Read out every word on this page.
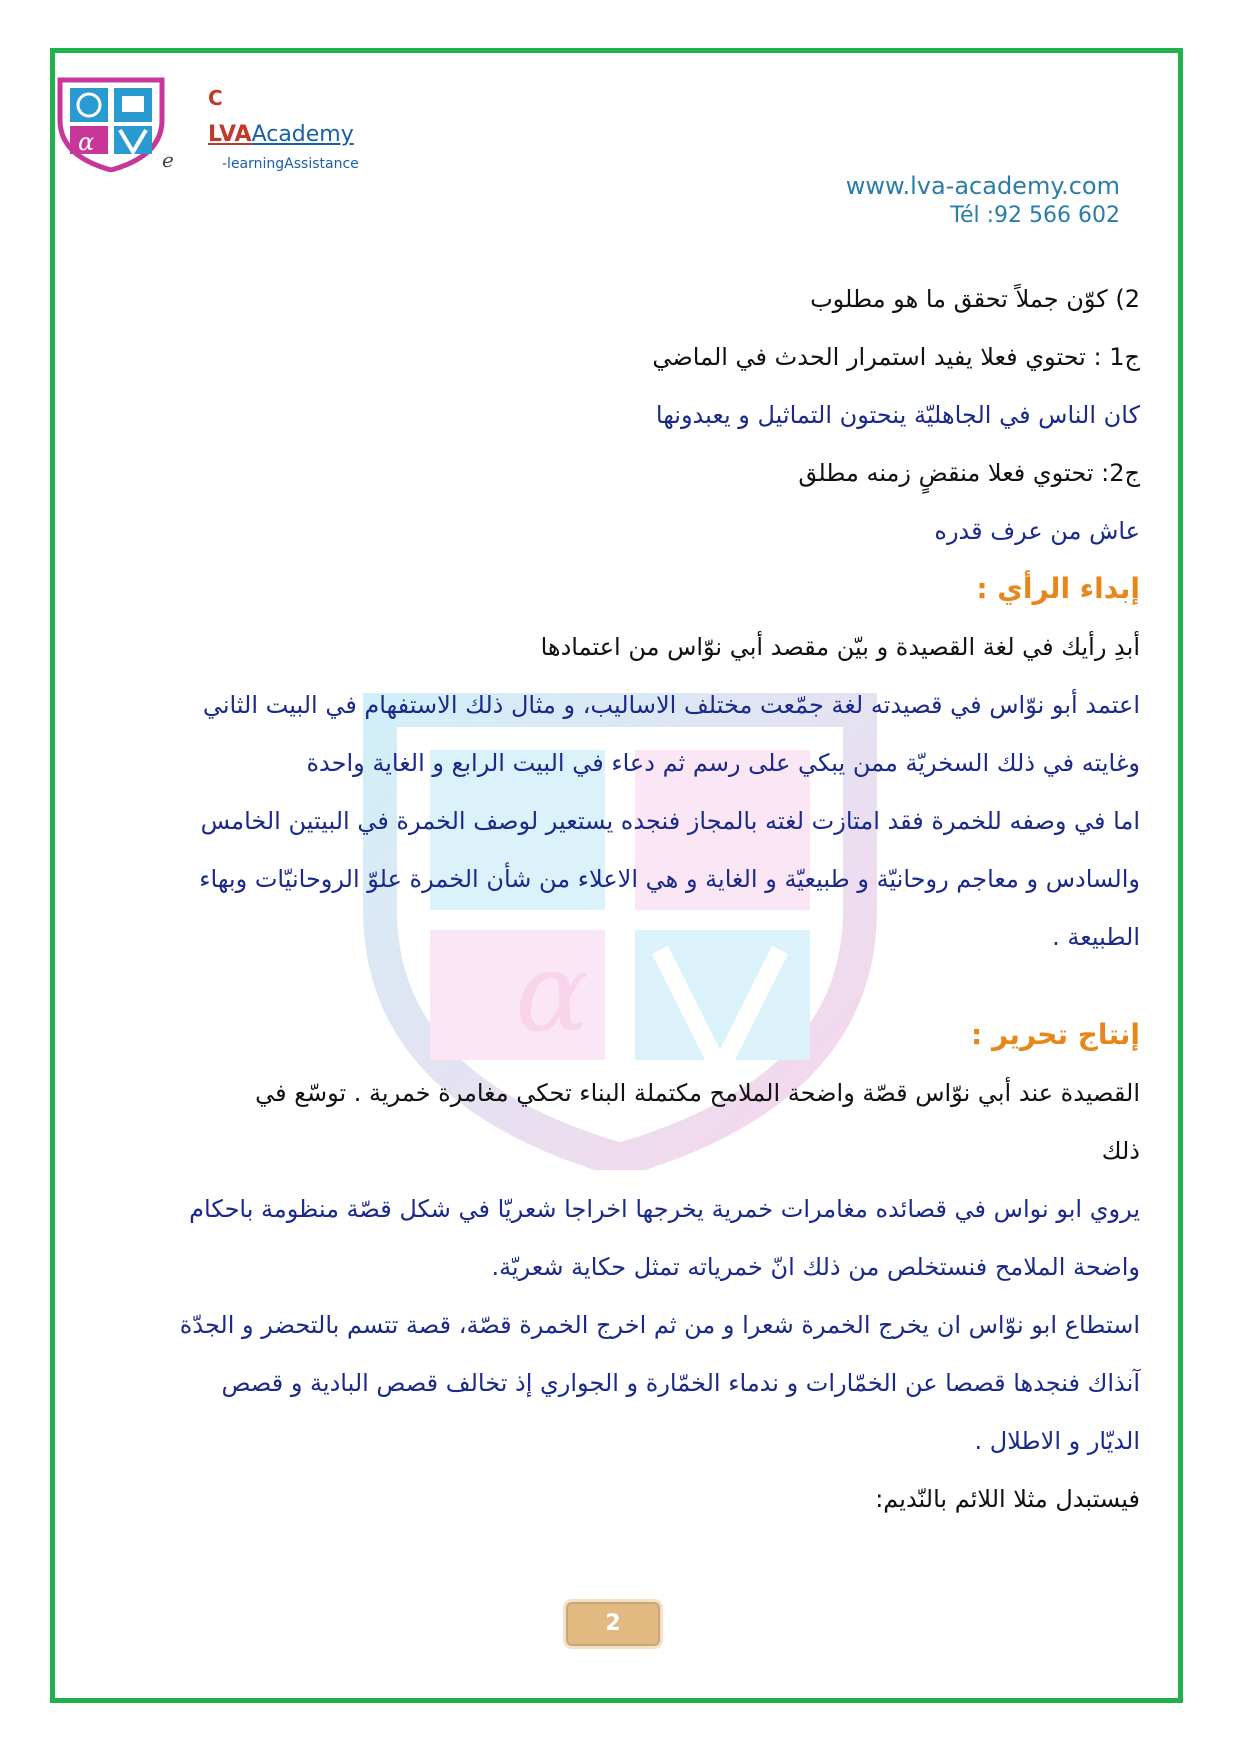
α
α
e
C
LVAAcademy
-learningAssistance
www.lva-academy.com
Tél :92 566 602

2) كوّن جملاً تحقق ما هو مطلوب

ج1 : تحتوي فعلا يفيد استمرار الحدث في الماضي

كان الناس في الجاهليّة ينحتون التماثيل و يعبدونها

ج2: تحتوي فعلا منقضٍ زمنه مطلق

عاش من عرف قدره

إبداء الرأي :

أبدِ رأيك في لغة القصيدة و بيّن مقصد أبي نوّاس من اعتمادها

اعتمد أبو نوّاس في قصيدته لغة جمّعت مختلف الاساليب، و مثال ذلك الاستفهام في البيت الثاني

وغايته في ذلك السخريّة ممن يبكي على رسم ثم دعاء في البيت الرابع و الغاية واحدة

اما في وصفه للخمرة فقد امتازت لغته بالمجاز فنجده يستعير لوصف الخمرة في البيتين الخامس

والسادس و معاجم روحانيّة و طبيعيّة و الغاية و هي الاعلاء من شأن الخمرة علوّ الروحانيّات وبهاء

الطبيعة .

إنتاج تحرير :

القصيدة عند أبي نوّاس قصّة واضحة الملامح مكتملة البناء تحكي مغامرة خمرية . توسّع في

ذلك

يروي ابو نواس في قصائده مغامرات خمرية يخرجها اخراجا شعريّا في شكل قصّة منظومة باحكام

واضحة الملامح فنستخلص من ذلك انّ خمرياته تمثل حكاية شعريّة.

استطاع ابو نوّاس ان يخرج الخمرة شعرا و من ثم اخرج الخمرة قصّة، قصة تتسم بالتحضر و الجدّة

آنذاك فنجدها قصصا عن الخمّارات و ندماء الخمّارة و الجواري إذ تخالف قصص البادية و قصص

الديّار و الاطلال .

فيستبدل مثلا اللائم بالنّديم:

2
